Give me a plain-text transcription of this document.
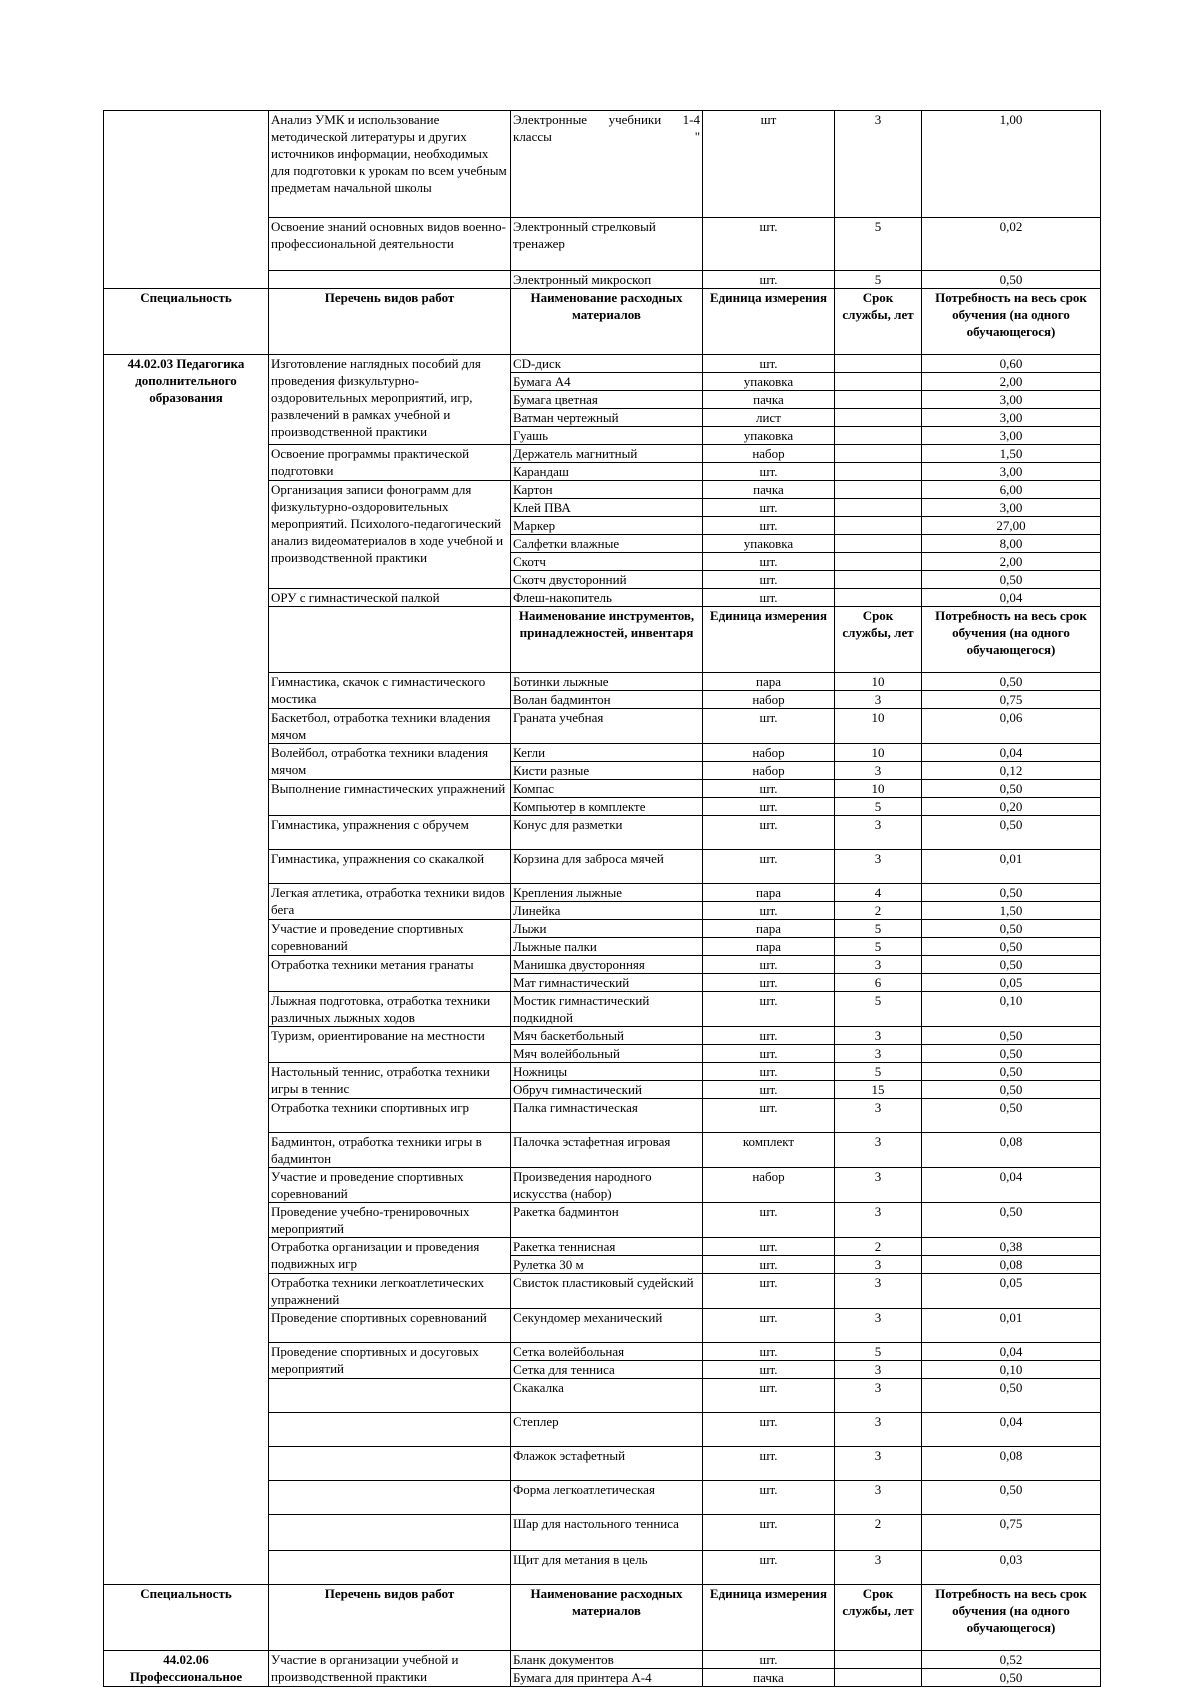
	Анализ УМК и использование методической литературы и других источников информации, необходимых для подготовки к урокам по всем учебным предметам начальной школы	Электронные учебники 1-4 классы "	шт	3	1,00
	Освоение знаний основных видов военно-профессиональной деятельности	Электронный стрелковый тренажер	шт.	5	0,02
		Электронный микроскоп	шт.	5	0,50
Специальность	Перечень видов работ	Наименование расходных материалов	Единица измерения	Срок службы, лет	Потребность на весь срок обучения (на одного обучающегося)
44.02.03 Педагогика дополнительного образования	Изготовление наглядных пособий для проведения физкультурно-оздоровительных мероприятий, игр, развлечений в рамках учебной и производственной практики	CD-диск	шт.		0,60
		Бумага А4	упаковка		2,00
		Бумага цветная	пачка		3,00
		Ватман чертежный	лист		3,00
		Гуашь	упаковка		3,00
	Освоение программы практической подготовки	Держатель магнитный	набор		1,50
		Карандаш	шт.		3,00
	Организация записи фонограмм для физкультурно-оздоровительных мероприятий. Психолого-педагогический анализ видеоматериалов в ходе учебной и производственной практики	Картон	пачка		6,00
		Клей ПВА	шт.		3,00
		Маркер	шт.		27,00
		Салфетки влажные	упаковка		8,00
		Скотч	шт.		2,00
		Скотч двусторонний	шт.		0,50
	ОРУ с гимнастической палкой	Флеш-накопитель	шт.		0,04
		Наименование инструментов, принадлежностей, инвентаря	Единица измерения	Срок службы, лет	Потребность на весь срок обучения (на одного обучающегося)
	Гимнастика, скачок с гимнастического мостика	Ботинки лыжные	пара	10	0,50
		Волан бадминтон	набор	3	0,75
	Баскетбол, отработка техники владения мячом	Граната учебная	шт.	10	0,06
	Волейбол, отработка техники владения мячом	Кегли	набор	10	0,04
		Кисти разные	набор	3	0,12
	Выполнение гимнастических упражнений	Компас	шт.	10	0,50
		Компьютер в комплекте	шт.	5	0,20
	Гимнастика, упражнения с обручем	Конус для разметки	шт.	3	0,50
	Гимнастика, упражнения со скакалкой	Корзина для заброса мячей	шт.	3	0,01
	Легкая атлетика, отработка техники видов бега	Крепления лыжные	пара	4	0,50
		Линейка	шт.	2	1,50
	Участие и проведение спортивных соревнований	Лыжи	пара	5	0,50
		Лыжные палки	пара	5	0,50
	Отработка техники метания гранаты	Манишка двусторонняя	шт.	3	0,50
		Мат гимнастический	шт.	6	0,05
	Лыжная подготовка, отработка техники различных лыжных ходов	Мостик гимнастический подкидной	шт.	5	0,10
	Туризм, ориентирование на местности	Мяч баскетбольный	шт.	3	0,50
		Мяч волейбольный	шт.	3	0,50
	Настольный теннис, отработка техники игры в теннис	Ножницы	шт.	5	0,50
		Обруч гимнастический	шт.	15	0,50
	Отработка техники спортивных игр	Палка гимнастическая	шт.	3	0,50
	Бадминтон, отработка техники игры в бадминтон	Палочка эстафетная игровая	комплект	3	0,08
	Участие и проведение спортивных соревнований	Произведения народного искусства (набор)	набор	3	0,04
	Проведение учебно-тренировочных мероприятий	Ракетка бадминтон	шт.	3	0,50
	Отработка организации и проведения подвижных игр	Ракетка теннисная	шт.	2	0,38
		Рулетка 30 м	шт.	3	0,08
	Отработка техники легкоатлетических упражнений	Свисток пластиковый судейский	шт.	3	0,05
	Проведение спортивных соревнований	Секундомер механический	шт.	3	0,01
	Проведение спортивных и досуговых мероприятий	Сетка волейбольная	шт.	5	0,04
		Сетка для тенниса	шт.	3	0,10
		Скакалка	шт.	3	0,50
		Степлер	шт.	3	0,04
		Флажок эстафетный	шт.	3	0,08
		Форма легкоатлетическая	шт.	3	0,50
		Шар для настольного тенниса	шт.	2	0,75
		Щит для метания в цель	шт.	3	0,03
Специальность	Перечень видов работ	Наименование расходных материалов	Единица измерения	Срок службы, лет	Потребность на весь срок обучения (на одного обучающегося)
44.02.06 Профессиональное	Участие в организации учебной и производственной практики	Бланк документов	шт.		0,52
		Бумага для принтера А-4	пачка		0,50
